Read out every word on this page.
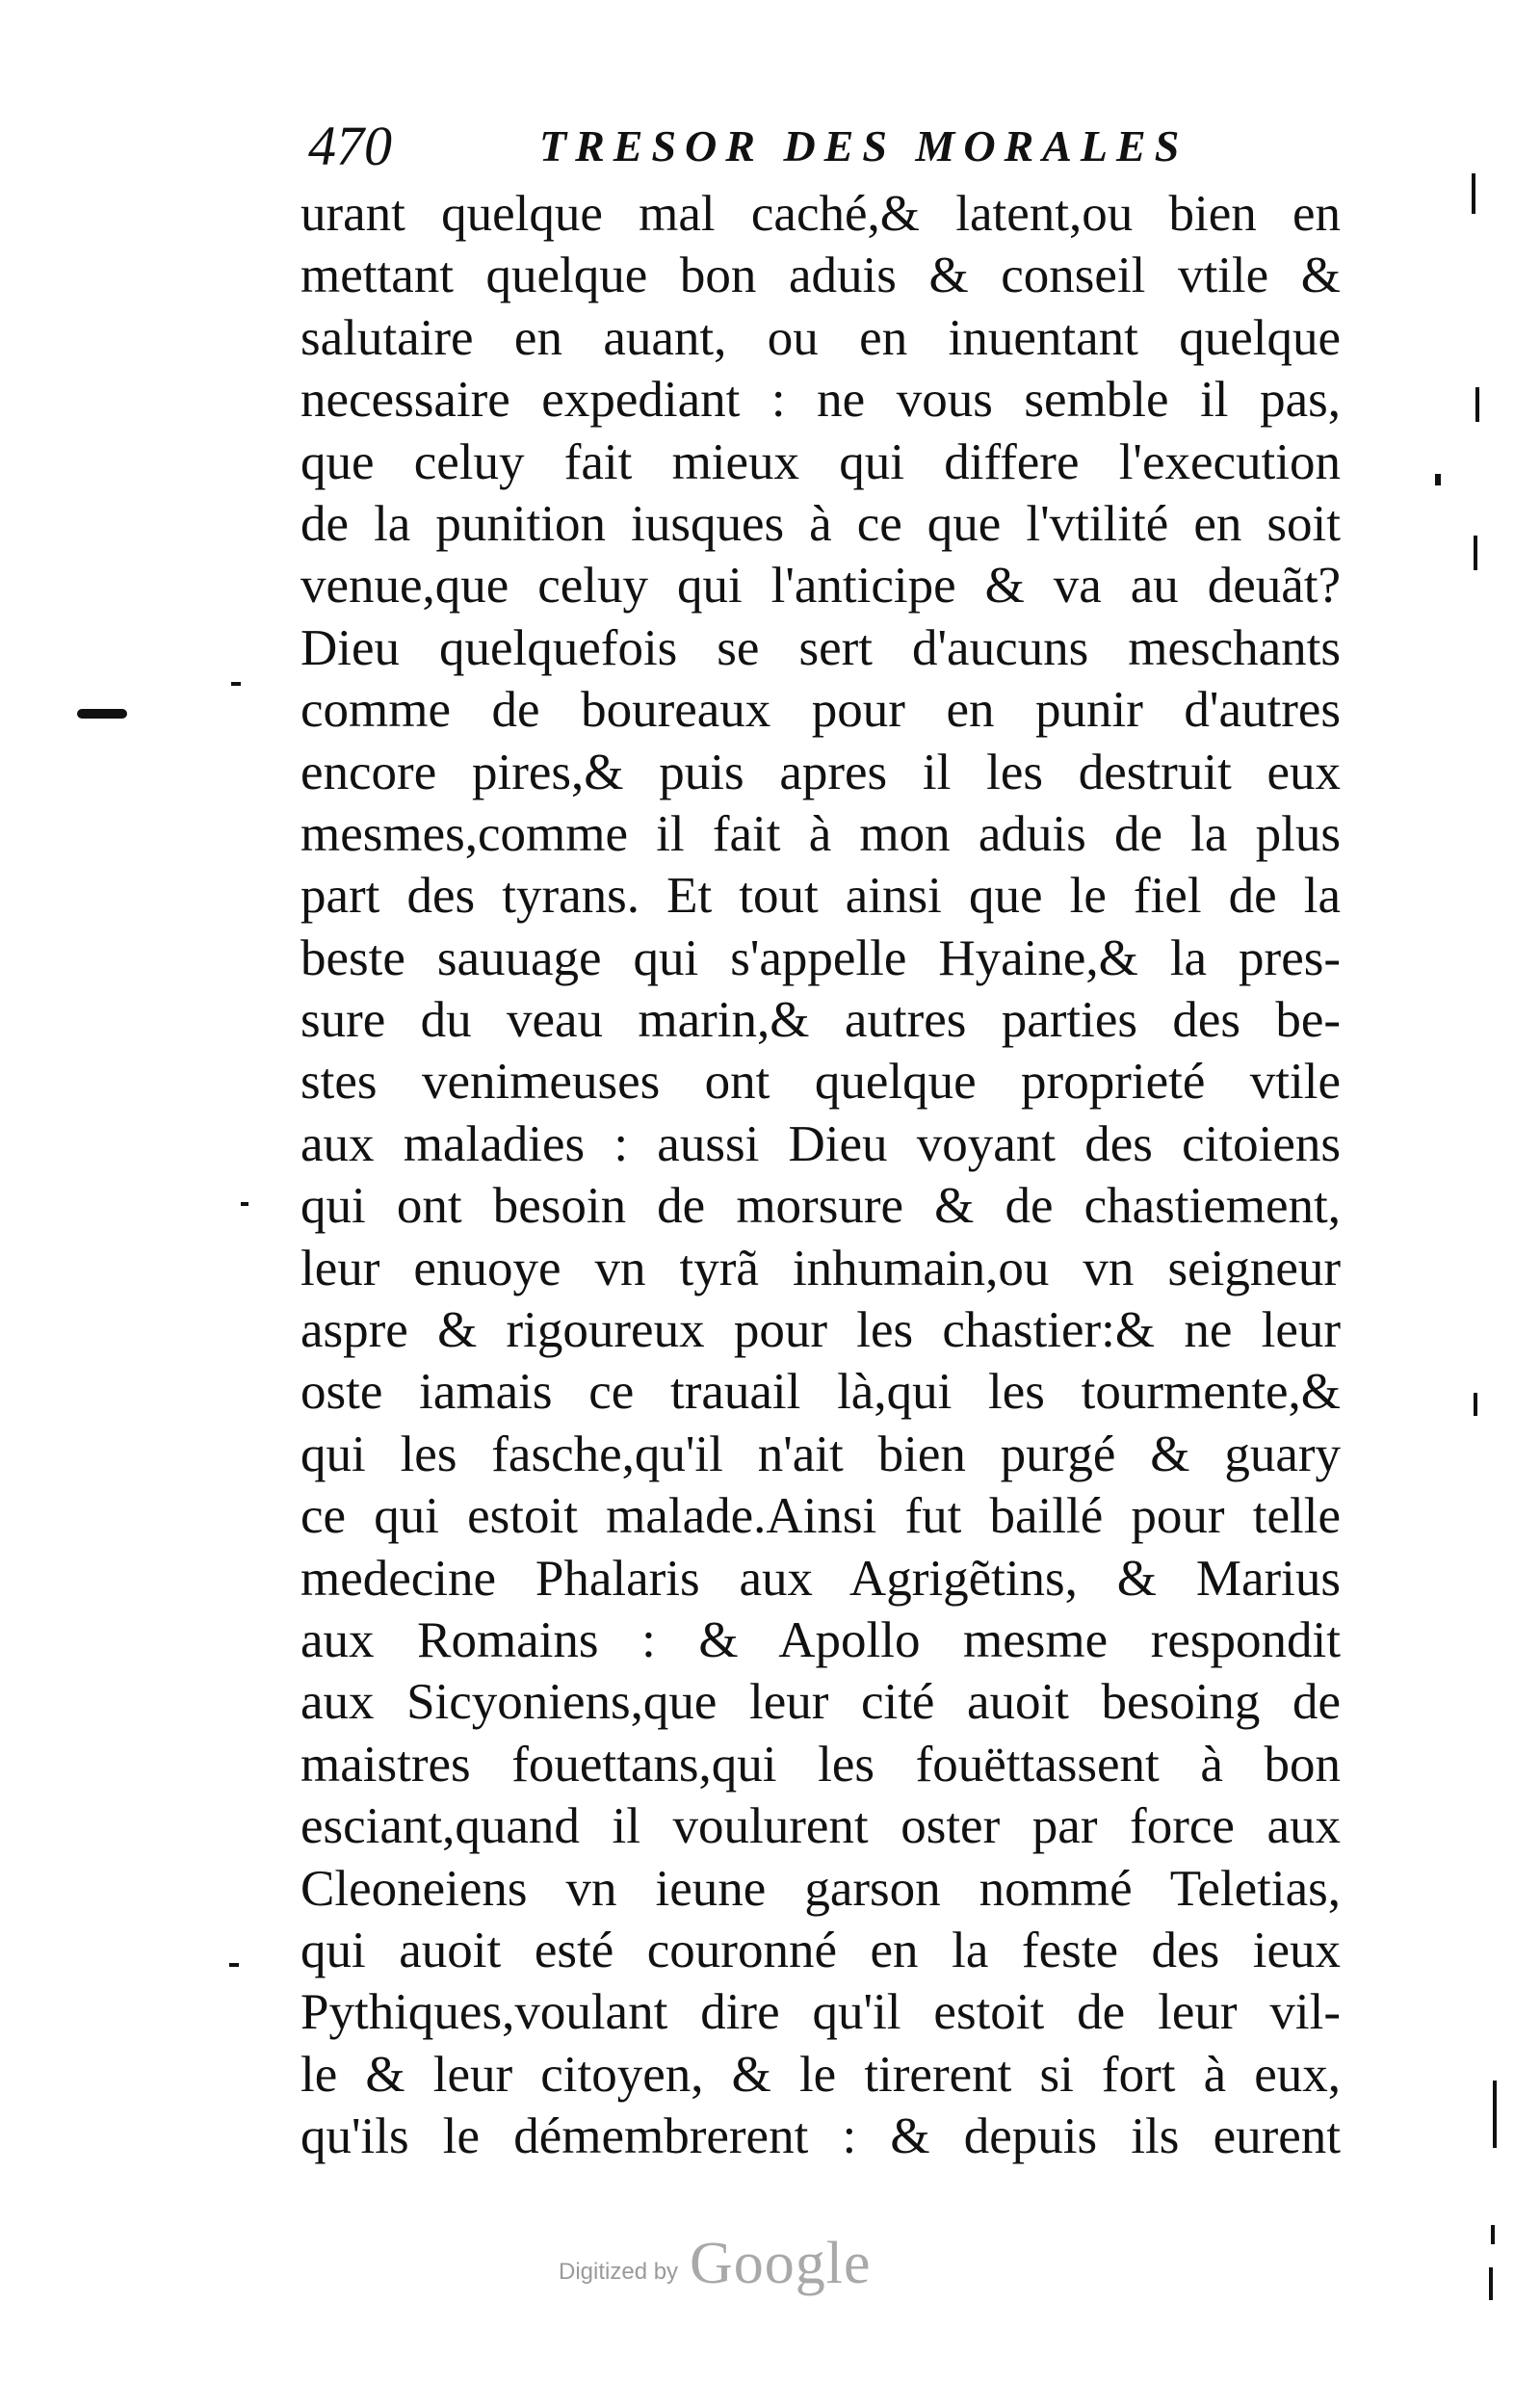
470	TRESOR DES MORALES
urant quelque mal caché,& latent,ou bien en
mettant quelque bon aduis & conseil vtile &
salutaire en auant, ou en inuentant quelque
necessaire expediant : ne vous semble il pas,
que celuy fait mieux qui differe l'execution
de la punition iusques à ce que l'vtilité en soit
venue,que celuy qui l'anticipe & va au deuãt?
Dieu quelquefois se sert d'aucuns meschants
comme de boureaux pour en punir d'autres
encore pires,& puis apres il les destruit eux
mesmes,comme il fait à mon aduis de la plus
part des tyrans. Et tout ainsi que le fiel de la
beste sauuage qui s'appelle Hyaine,& la pres-
sure du veau marin,& autres parties des be-
stes venimeuses ont quelque proprieté vtile
aux maladies : aussi Dieu voyant des citoiens
qui ont besoin de morsure & de chastiement,
leur enuoye vn tyrã inhumain,ou vn seigneur
aspre & rigoureux pour les chastier:& ne leur
oste iamais ce trauail là,qui les tourmente,&
qui les fasche,qu'il n'ait bien purgé & guary
ce qui estoit malade.Ainsi fut baillé pour telle
medecine Phalaris aux Agrigẽtins, & Marius
aux Romains : & Apollo mesme respondit
aux Sicyoniens,que leur cité auoit besoing de
maistres fouettans,qui les fouëttassent à bon
esciant,quand il voulurent oster par force aux
Cleoneiens vn ieune garson nommé Teletias,
qui auoit esté couronné en la feste des ieux
Pythiques,voulant dire qu'il estoit de leur vil-
le & leur citoyen, & le tirerent si fort à eux,
qu'ils le démembrerent : & depuis ils eurent
Digitized by Google
